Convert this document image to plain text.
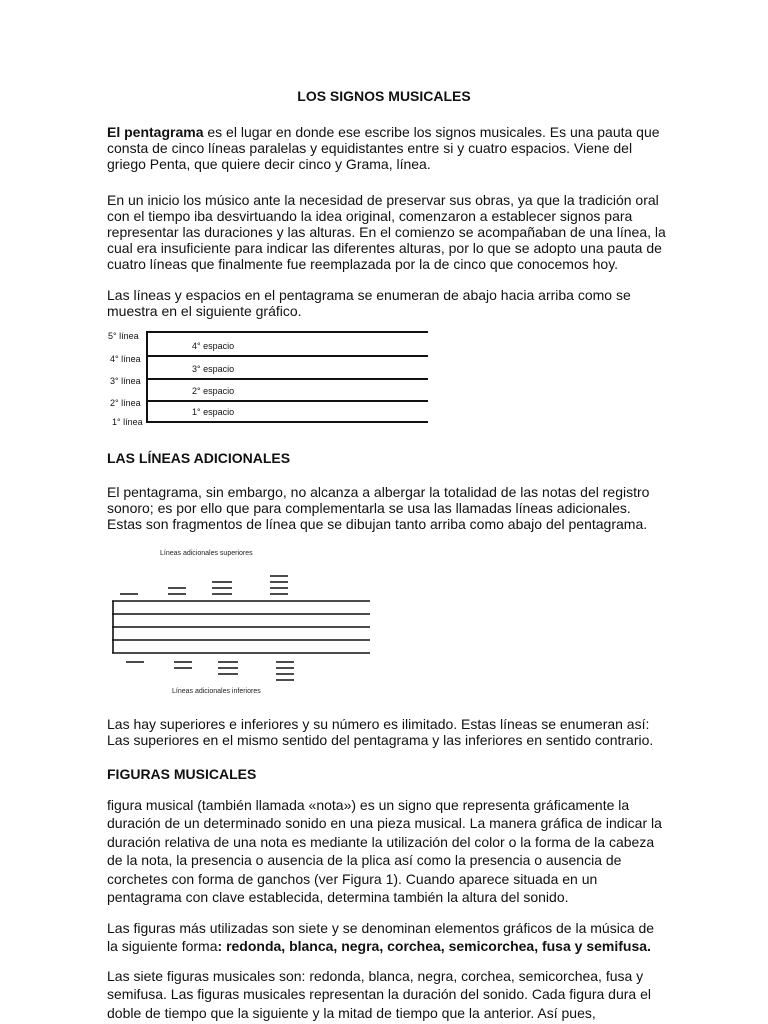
LOS SIGNOS MUSICALES

El pentagrama es el lugar en donde ese escribe los signos musicales. Es una pauta que consta de cinco líneas paralelas y equidistantes entre si y cuatro espacios. Viene del griego Penta, que quiere decir cinco y Grama, línea.

En un inicio los músico ante la necesidad de preservar sus obras, ya que la tradición oral con el tiempo iba desvirtuando la idea original, comenzaron a establecer signos para representar las duraciones y las alturas. En el comienzo se acompañaban de una línea, la cual era insuficiente para indicar las diferentes alturas, por lo que se adopto una pauta de cuatro líneas que finalmente fue reemplazada por la de cinco que conocemos hoy.

Las líneas y espacios en el pentagrama se enumeran de abajo hacia arriba como se muestra en el siguiente gráfico.

5° línea
4° línea
3° línea
2° línea
1° línea
4° espacio
3° espacio
2° espacio
1° espacio
LAS LÍNEAS ADICIONALES

El pentagrama, sin embargo, no alcanza a albergar la totalidad de las notas del registro sonoro; es por ello que para complementarla se usa las llamadas líneas adicionales. Estas son fragmentos de línea que se dibujan tanto arriba como abajo del pentagrama.

Líneas adicionales superiores
Líneas adicionales inferiores

Las hay superiores e inferiores y su número es ilimitado. Estas líneas se enumeran así: Las superiores en el mismo sentido del pentagrama y las inferiores en sentido contrario.

FIGURAS MUSICALES

figura musical (también llamada «nota») es un signo que representa gráficamente la duración de un determinado sonido en una pieza musical. La manera gráfica de indicar la duración relativa de una nota es mediante la utilización del color o la forma de la cabeza de la nota, la presencia o ausencia de la plica así como la presencia o ausencia de corchetes con forma de ganchos (ver Figura 1). Cuando aparece situada en un pentagrama con clave establecida, determina también la altura del sonido.

Las figuras más utilizadas son siete y se denominan elementos gráficos de la música de la siguiente forma: redonda, blanca, negra, corchea, semicorchea, fusa y semifusa.

Las siete figuras musicales son: redonda, blanca, negra, corchea, semicorchea, fusa y semifusa. Las figuras musicales representan la duración del sonido. Cada figura dura el doble de tiempo que la siguiente y la mitad de tiempo que la anterior. Así pues,
